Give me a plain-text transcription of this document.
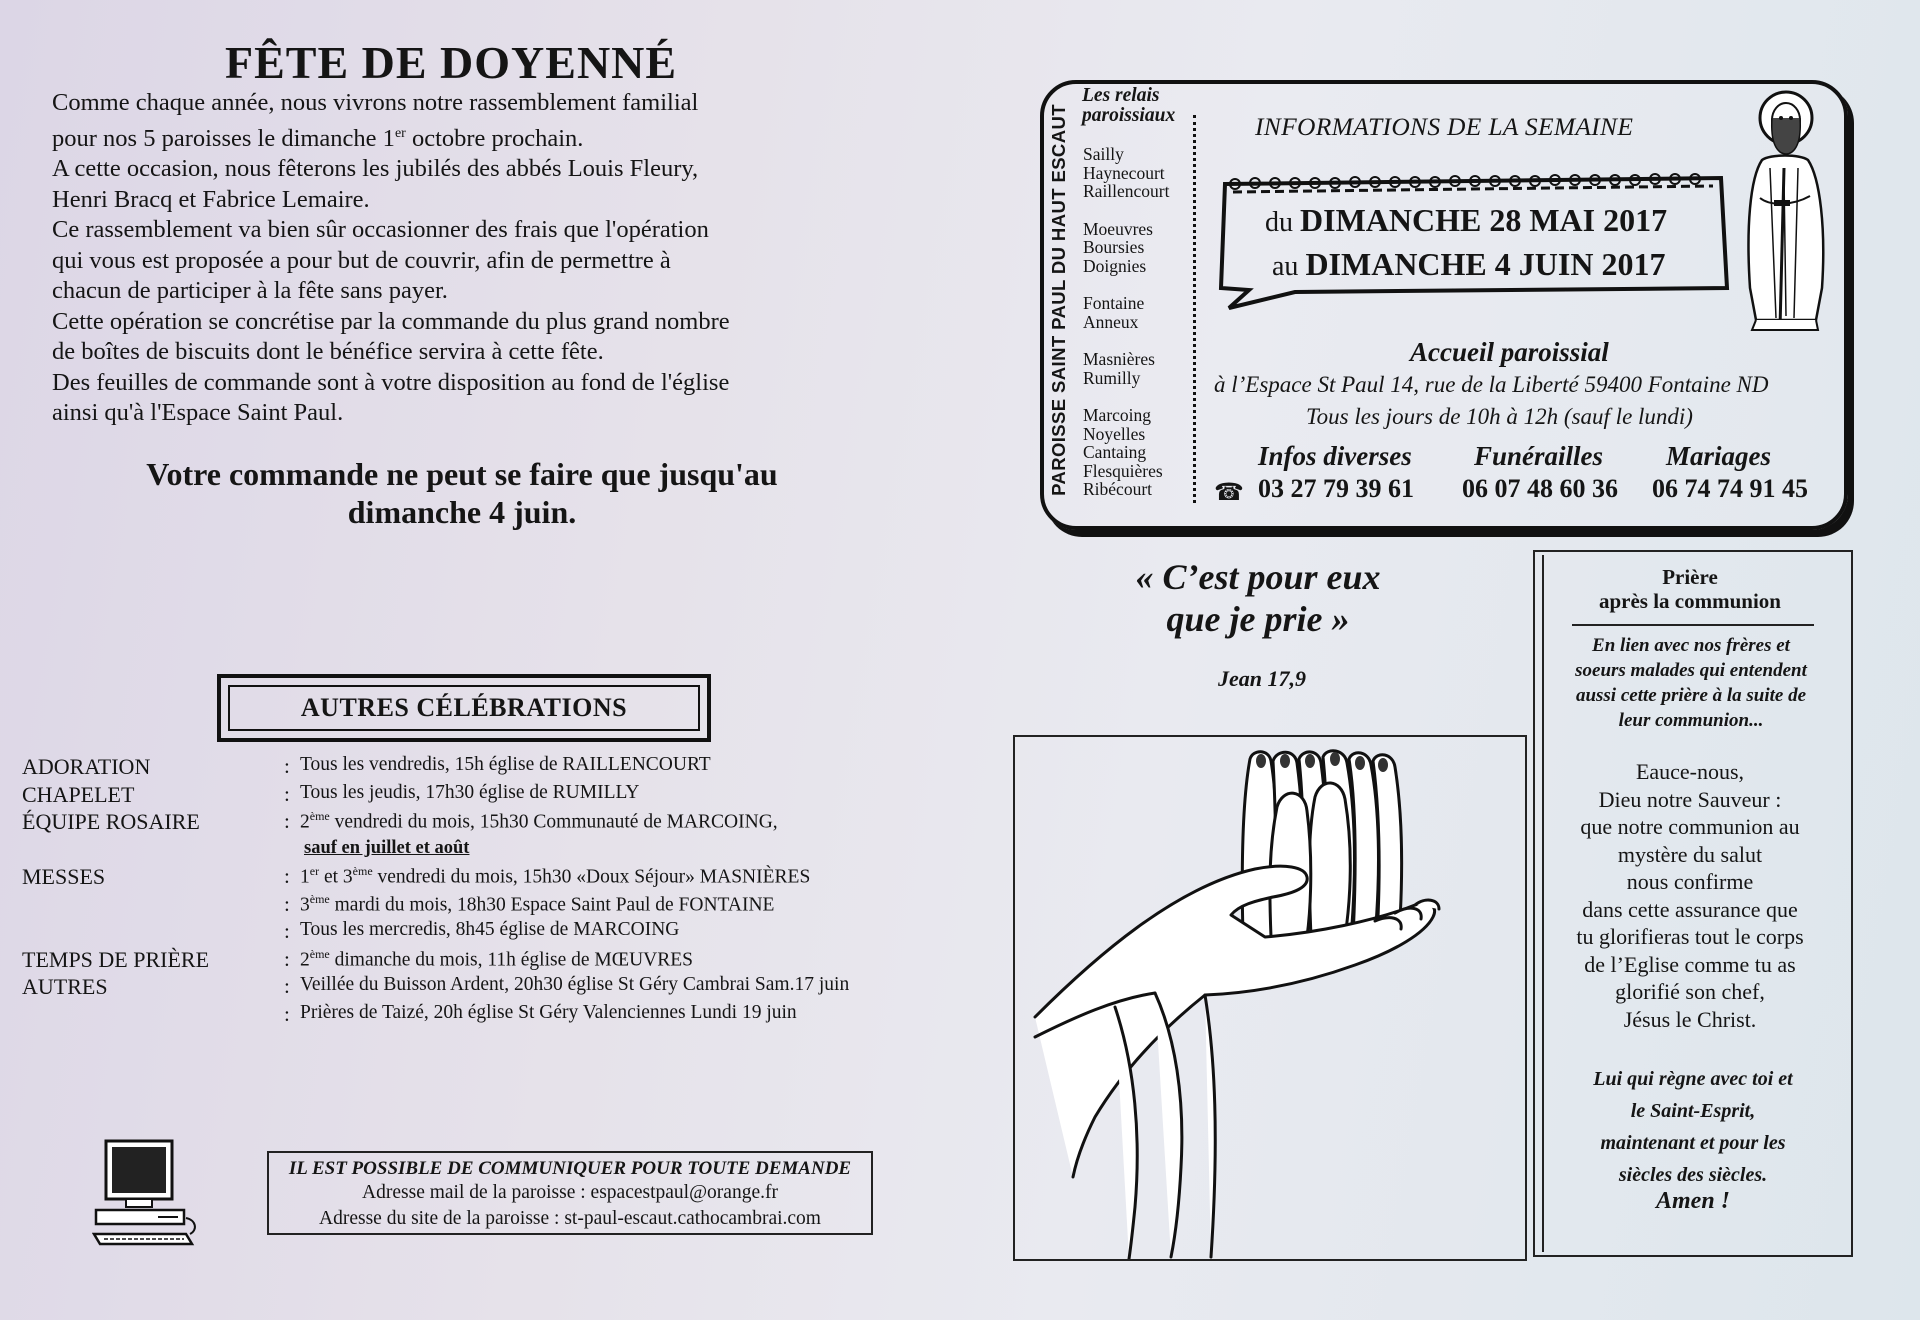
FÊTE DE DOYENNÉ

Comme chaque année, nous vivrons notre rassemblement familial

pour nos 5 paroisses le dimanche 1er octobre prochain.

A cette occasion, nous fêterons les jubilés des abbés Louis Fleury,

Henri Bracq et Fabrice Lemaire.

Ce rassemblement va bien sûr occasionner des frais que l'opération

qui vous est proposée a pour but de couvrir, afin de permettre à

chacun de participer à la fête sans payer.

Cette opération se concrétise par la commande du plus grand nombre

de boîtes de biscuits dont le bénéfice servira à cette fête.

Des feuilles de commande sont à votre disposition au fond de l'église

ainsi qu'à l'Espace Saint Paul.

Votre commande ne peut se faire que jusqu'au
dimanche 4 juin.
AUTRES CÉLÉBRATIONS
ADORATION	: Tous les vendredis, 15h église de RAILLENCOURT
CHAPELET	: Tous les jeudis, 17h30 église de RUMILLY
ÉQUIPE ROSAIRE	: 2ème vendredi du mois, 15h30 Communauté de MARCOING,
sauf en juillet et août
MESSES	: 1er et 3ème vendredi du mois, 15h30 «Doux Séjour» MASNIÈRES
: 3ème mardi du mois, 18h30 Espace Saint Paul de FONTAINE
: Tous les mercredis, 8h45 église de MARCOING
TEMPS DE PRIÈRE	: 2ème dimanche du mois, 11h église de MŒUVRES
AUTRES	: Veillée du Buisson Ardent, 20h30 église St Géry Cambrai Sam.17 juin
: Prières de Taizé, 20h église St Géry Valenciennes Lundi 19 juin
IL EST POSSIBLE DE COMMUNIQUER POUR TOUTE DEMANDE
Adresse mail de la paroisse : espacestpaul@orange.fr
Adresse du site de la paroisse : st-paul-escaut.cathocambrai.com
PAROISSE SAINT PAUL DU HAUT ESCAUT
Les relais
paroissiaux
Sailly
Haynecourt
Raillencourt
Moeuvres
Boursies
Doignies
Fontaine
Anneux
Masnières
Rumilly
Marcoing
Noyelles
Cantaing
Flesquières
Ribécourt
INFORMATIONS DE LA SEMAINE
du DIMANCHE 28 MAI 2017
au DIMANCHE 4 JUIN 2017
Accueil paroissial
à l’Espace St Paul 14, rue de la Liberté 59400 Fontaine ND
Tous les jours de 10h à 12h (sauf le lundi)
☎
Infos diverses
03 27 79 39 61
Funérailles
06 07 48 60 36
Mariages
06 74 74 91 45
« C’est pour eux
que je prie »
Jean 17,9
Prière
après la communion
En lien avec nos frères et
soeurs malades qui entendent
aussi cette prière à la suite de
leur communion...
Eauce-nous,
Dieu notre Sauveur :
que notre communion au
mystère du salut
nous confirme
dans cette assurance que
tu glorifieras tout le corps
de l’Eglise comme tu as
glorifié son chef,
Jésus le Christ.
Lui qui règne avec toi et
le Saint-Esprit,
maintenant et pour les
siècles des siècles.
Amen !
